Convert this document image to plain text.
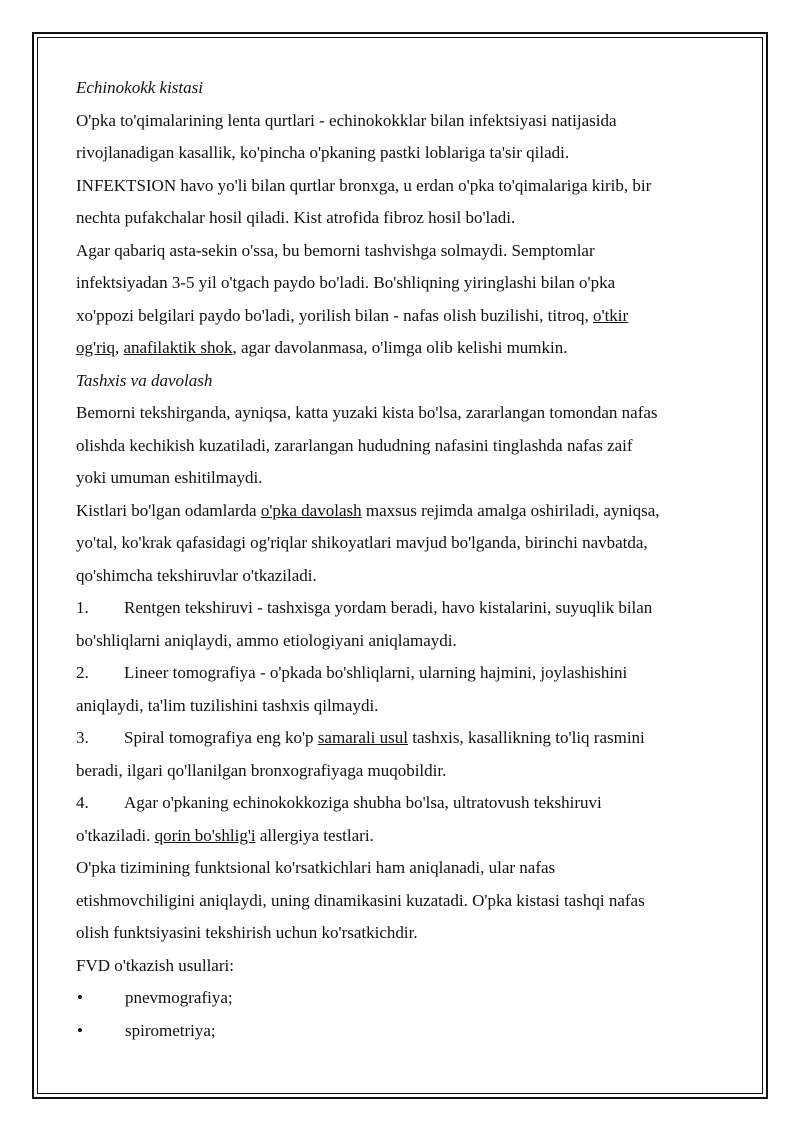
Echinokokk kistasi
O'pka to'qimalarining lenta qurtlari - echinokokklar bilan infektsiyasi natijasida
rivojlanadigan kasallik, ko'pincha o'pkaning pastki loblariga ta'sir qiladi.
INFEKTSION havo yo'li bilan qurtlar bronxga, u erdan o'pka to'qimalariga kirib, bir
nechta pufakchalar hosil qiladi. Kist atrofida fibroz hosil bo'ladi.
Agar qabariq asta-sekin o'ssa, bu bemorni tashvishga solmaydi. Semptomlar
infektsiyadan 3-5 yil o'tgach paydo bo'ladi. Bo'shliqning yiringlashi bilan o'pka
xo'ppozi belgilari paydo bo'ladi, yorilish bilan - nafas olish buzilishi, titroq, o'tkir
og'riq, anafilaktik shok, agar davolanmasa, o'limga olib kelishi mumkin.
Tashxis va davolash
Bemorni tekshirganda, ayniqsa, katta yuzaki kista bo'lsa, zararlangan tomondan nafas
olishda kechikish kuzatiladi, zararlangan hududning nafasini tinglashda nafas zaif
yoki umuman eshitilmaydi.
Kistlari bo'lgan odamlarda o'pka davolash maxsus rejimda amalga oshiriladi, ayniqsa,
yo'tal, ko'krak qafasidagi og'riqlar shikoyatlari mavjud bo'lganda, birinchi navbatda,
qo'shimcha tekshiruvlar o'tkaziladi.
1. Rentgen tekshiruvi - tashxisga yordam beradi, havo kistalarini, suyuqlik bilan
bo'shliqlarni aniqlaydi, ammo etiologiyani aniqlamaydi.
2. Lineer tomografiya - o'pkada bo'shliqlarni, ularning hajmini, joylashishini
aniqlaydi, ta'lim tuzilishini tashxis qilmaydi.
3. Spiral tomografiya eng ko'p samarali usul tashxis, kasallikning to'liq rasmini
beradi, ilgari qo'llanilgan bronxografiyaga muqobildir.
4. Agar o'pkaning echinokokkoziga shubha bo'lsa, ultratovush tekshiruvi
o'tkaziladi. qorin bo'shlig'i allergiya testlari.
O'pka tizimining funktsional ko'rsatkichlari ham aniqlanadi, ular nafas
etishmovchiligini aniqlaydi, uning dinamikasini kuzatadi. O'pka kistasi tashqi nafas
olish funktsiyasini tekshirish uchun ko'rsatkichdir.
FVD o'tkazish usullari:
• pnevmografiya;
• spirometriya;
